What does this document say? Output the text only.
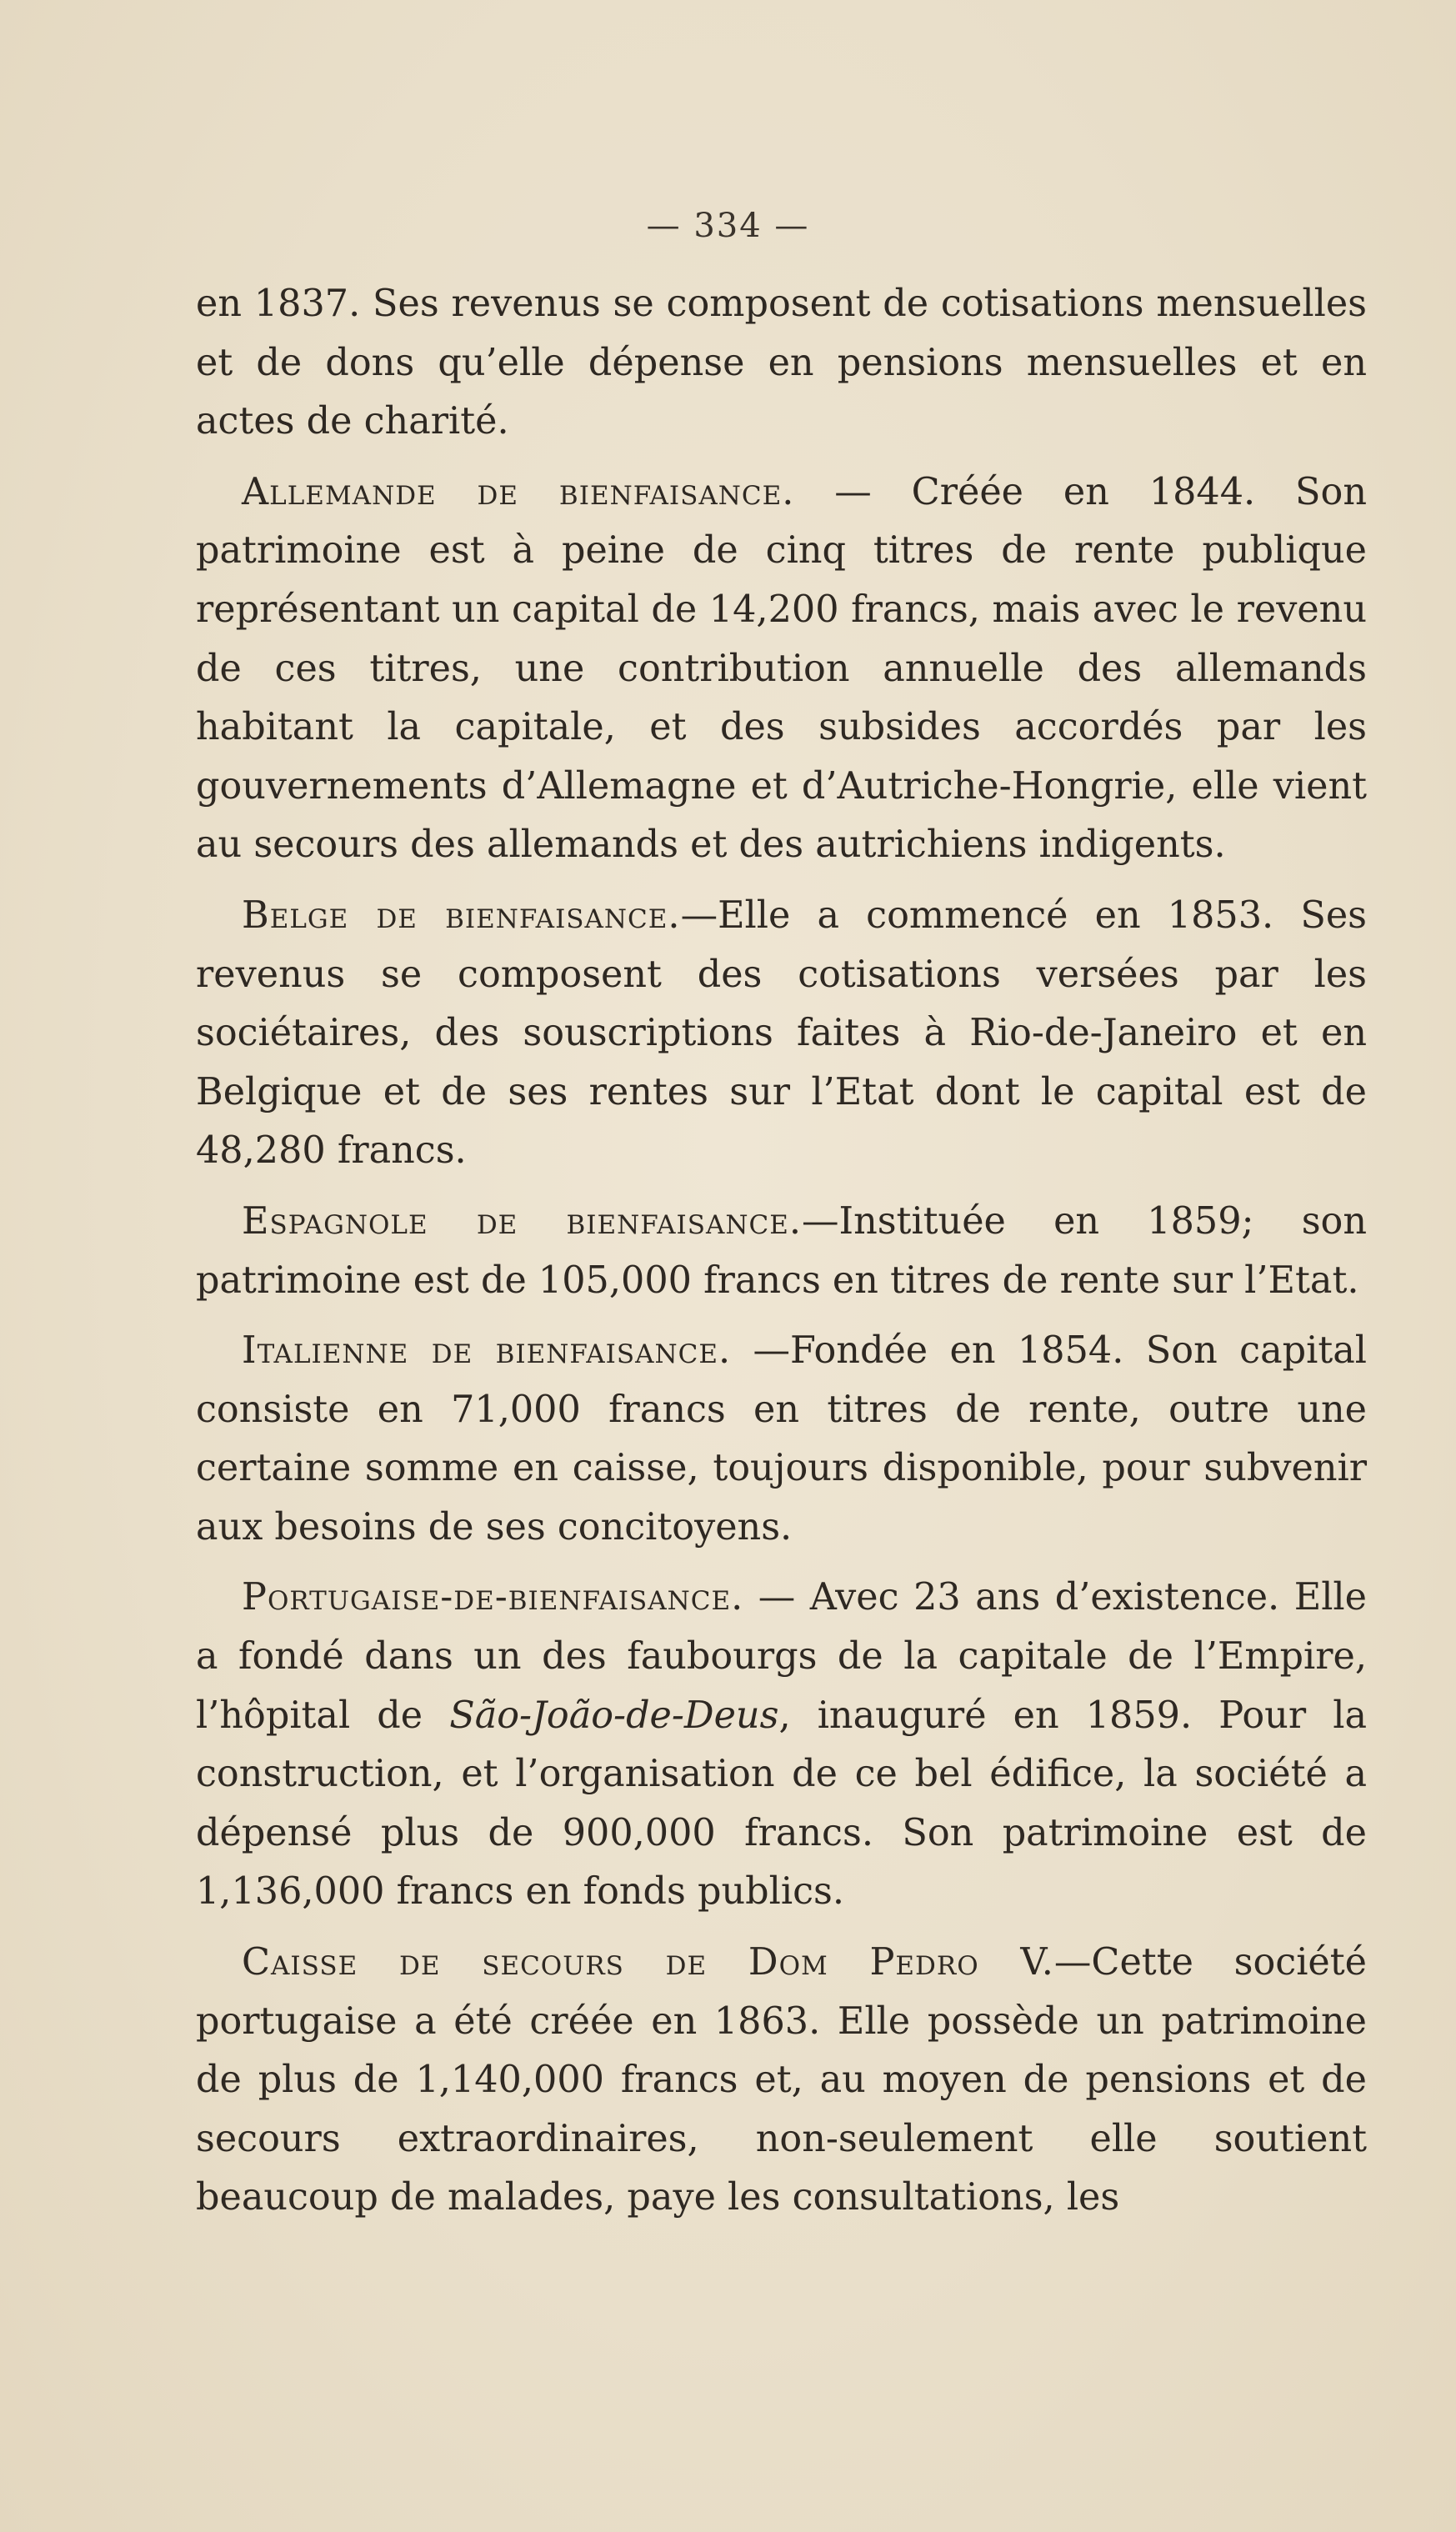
— 334 —

en 1837. Ses revenus se composent de cotisations mensuelles et de dons qu’elle dépense en pensions mensuelles et en actes de charité.

Allemande de bienfaisance. — Créée en 1844. Son patrimoine est à peine de cinq titres de rente publique représentant un capital de 14,200 francs, mais avec le revenu de ces titres, une contribution annuelle des allemands habitant la capitale, et des subsides accordés par les gouvernements d’Allemagne et d’Autriche-Hongrie, elle vient au secours des allemands et des autrichiens indigents.

Belge de bienfaisance.—Elle a commencé en 1853. Ses revenus se composent des cotisations versées par les sociétaires, des souscriptions faites à Rio-de-Janeiro et en Belgique et de ses rentes sur l’Etat dont le capital est de 48,280 francs.

Espagnole de bienfaisance.—Instituée en 1859; son patrimoine est de 105,000 francs en titres de rente sur l’Etat.

Italienne de bienfaisance. —Fondée en 1854. Son capital consiste en 71,000 francs en titres de rente, outre une certaine somme en caisse, toujours disponible, pour subvenir aux besoins de ses concitoyens.

Portugaise-de-bienfaisance. — Avec 23 ans d’existence. Elle a fondé dans un des faubourgs de la capitale de l’Empire, l’hôpital de São-João-de-Deus, inauguré en 1859. Pour la construction, et l’organisation de ce bel édifice, la société a dépensé plus de 900,000 francs. Son patrimoine est de 1,136,000 francs en fonds publics.

Caisse de secours de Dom Pedro V.—Cette société portugaise a été créée en 1863. Elle possède un patrimoine de plus de 1,140,000 francs et, au moyen de pensions et de secours extraordinaires, non-seulement elle soutient beaucoup de malades, paye les consultations, les
